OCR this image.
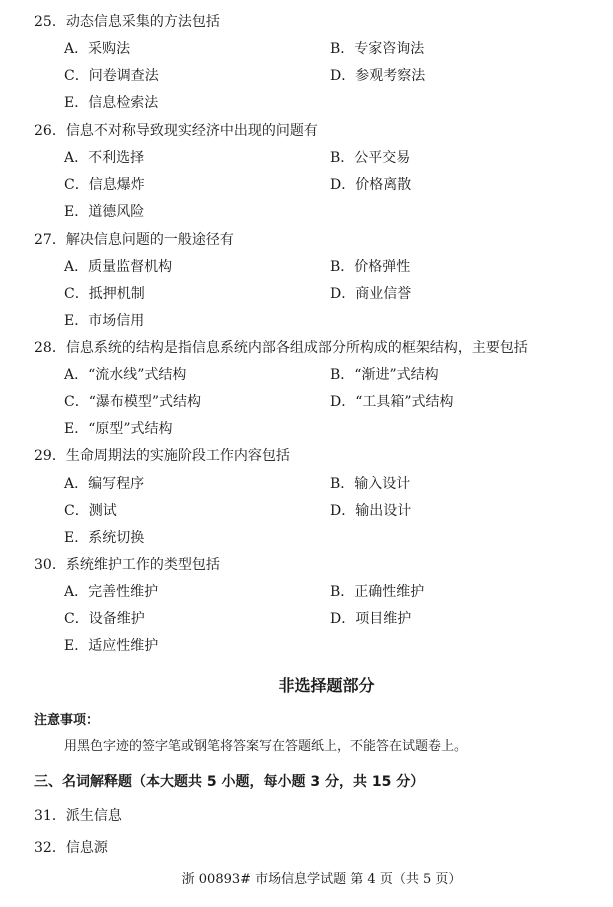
25．动态信息采集的方法包括
A．采购法	B．专家咨询法
C．问卷调查法	D．参观考察法
E．信息检索法
26．信息不对称导致现实经济中出现的问题有
A．不利选择	B．公平交易
C．信息爆炸	D．价格离散
E．道德风险
27．解决信息问题的一般途径有
A．质量监督机构	B．价格弹性
C．抵押机制	D．商业信誉
E．市场信用
28．信息系统的结构是指信息系统内部各组成部分所构成的框架结构，主要包括
A．“流水线”式结构	B．“渐进”式结构
C．“瀑布模型”式结构	D．“工具箱”式结构
E．“原型”式结构
29．生命周期法的实施阶段工作内容包括
A．编写程序	B．输入设计
C．测试	D．输出设计
E．系统切换
30．系统维护工作的类型包括
A．完善性维护	B．正确性维护
C．设备维护	D．项目维护
E．适应性维护
非选择题部分
注意事项：
用黑色字迹的签字笔或钢笔将答案写在答题纸上，不能答在试题卷上。
三、名词解释题（本大题共 5 小题，每小题 3 分，共 15 分）
31．派生信息
32．信息源
浙 00893# 市场信息学试题 第 4 页（共 5 页）
